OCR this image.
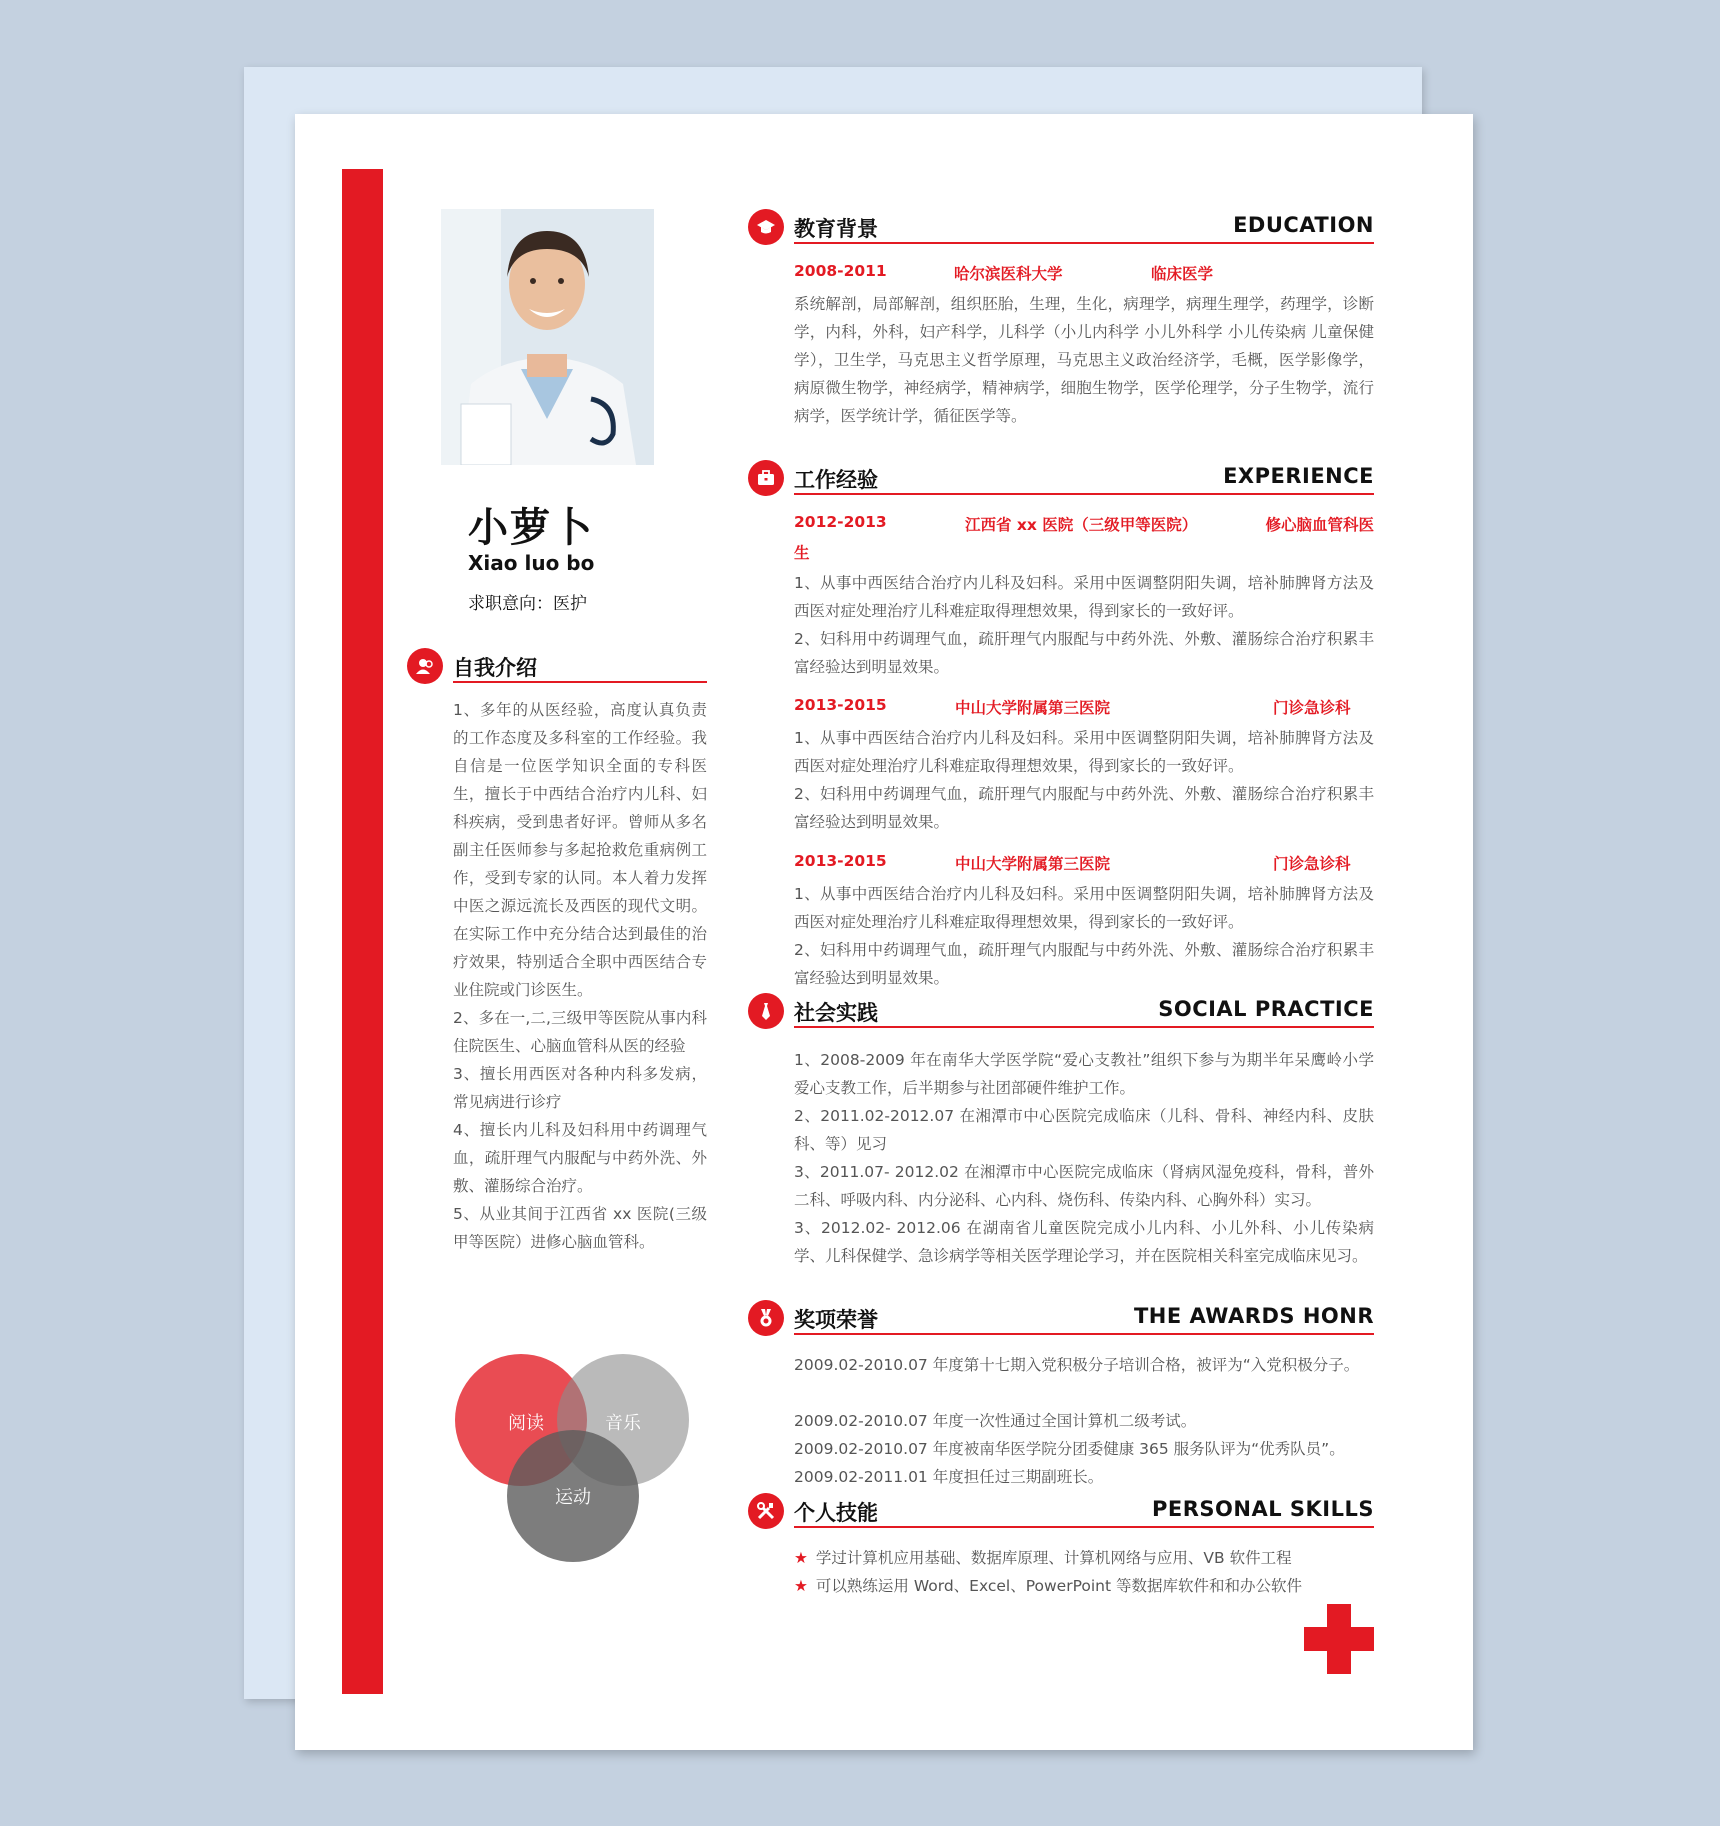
小萝卜
Xiao luo bo
求职意向：医护
自我介绍

1、多年的从医经验，高度认真负责的工作态度及多科室的工作经验。我自信是一位医学知识全面的专科医生，擅长于中西结合治疗内儿科、妇科疾病，受到患者好评。曾师从多名副主任医师参与多起抢救危重病例工作，受到专家的认同。本人着力发挥中医之源远流长及西医的现代文明。在实际工作中充分结合达到最佳的治疗效果，特别适合全职中西医结合专业住院或门诊医生。

2、多在一,二,三级甲等医院从事内科住院医生、心脑血管科从医的经验

3、擅长用西医对各种内科多发病，常见病进行诊疗

4、擅长内儿科及妇科用中药调理气血，疏肝理气内服配与中药外洗、外敷、灌肠综合治疗。

5、从业其间于江西省 xx 医院(三级甲等医院）进修心脑血管科。

阅读	音乐
运动
教育背景	EDUCATION
2008-2011	哈尔滨医科大学	临床医学
系统解剖，局部解剖，组织胚胎，生理，生化，病理学，病理生理学，药理学，诊断学，内科，外科，妇产科学，儿科学（小儿内科学 小儿外科学 小儿传染病 儿童保健学），卫生学，马克思主义哲学原理，马克思主义政治经济学，毛概，医学影像学，病原微生物学，神经病学，精神病学，细胞生物学，医学伦理学，分子生物学，流行病学，医学统计学，循征医学等。
工作经验	EXPERIENCE
2012-2013	江西省 xx 医院（三级甲等医院）	修心脑血管科医
生

1、从事中西医结合治疗内儿科及妇科。采用中医调整阴阳失调，培补肺脾肾方法及西医对症处理治疗儿科难症取得理想效果，得到家长的一致好评。

2、妇科用中药调理气血，疏肝理气内服配与中药外洗、外敷、灌肠综合治疗积累丰富经验达到明显效果。

2013-2015	中山大学附属第三医院	门诊急诊科

1、从事中西医结合治疗内儿科及妇科。采用中医调整阴阳失调，培补肺脾肾方法及西医对症处理治疗儿科难症取得理想效果，得到家长的一致好评。

2、妇科用中药调理气血，疏肝理气内服配与中药外洗、外敷、灌肠综合治疗积累丰富经验达到明显效果。

2013-2015	中山大学附属第三医院	门诊急诊科

1、从事中西医结合治疗内儿科及妇科。采用中医调整阴阳失调，培补肺脾肾方法及西医对症处理治疗儿科难症取得理想效果，得到家长的一致好评。

2、妇科用中药调理气血，疏肝理气内服配与中药外洗、外敷、灌肠综合治疗积累丰富经验达到明显效果。

社会实践	SOCIAL PRACTICE

1、2008-2009 年在南华大学医学院“爱心支教社”组织下参与为期半年呆鹰岭小学爱心支教工作，后半期参与社团部硬件维护工作。

2、2011.02-2012.07 在湘潭市中心医院完成临床（儿科、骨科、神经内科、皮肤科、等）见习

3、2011.07- 2012.02 在湘潭市中心医院完成临床（肾病风湿免疫科，骨科，普外二科、呼吸内科、内分泌科、心内科、烧伤科、传染内科、心胸外科）实习。

3、2012.02- 2012.06 在湖南省儿童医院完成小儿内科、小儿外科、小儿传染病学、儿科保健学、急诊病学等相关医学理论学习，并在医院相关科室完成临床见习。

奖项荣誉	THE AWARDS HONR

2009.02-2010.07 年度第十七期入党积极分子培训合格，被评为“入党积极分子。

2009.02-2010.07 年度一次性通过全国计算机二级考试。

2009.02-2010.07 年度被南华医学院分团委健康 365 服务队评为“优秀队员”。

2009.02-2011.01 年度担任过三期副班长。

个人技能	PERSONAL SKILLS
★ 学过计算机应用基础、数据库原理、计算机网络与应用、VB 软件工程
★ 可以熟练运用 Word、Excel、PowerPoint 等数据库软件和和办公软件
